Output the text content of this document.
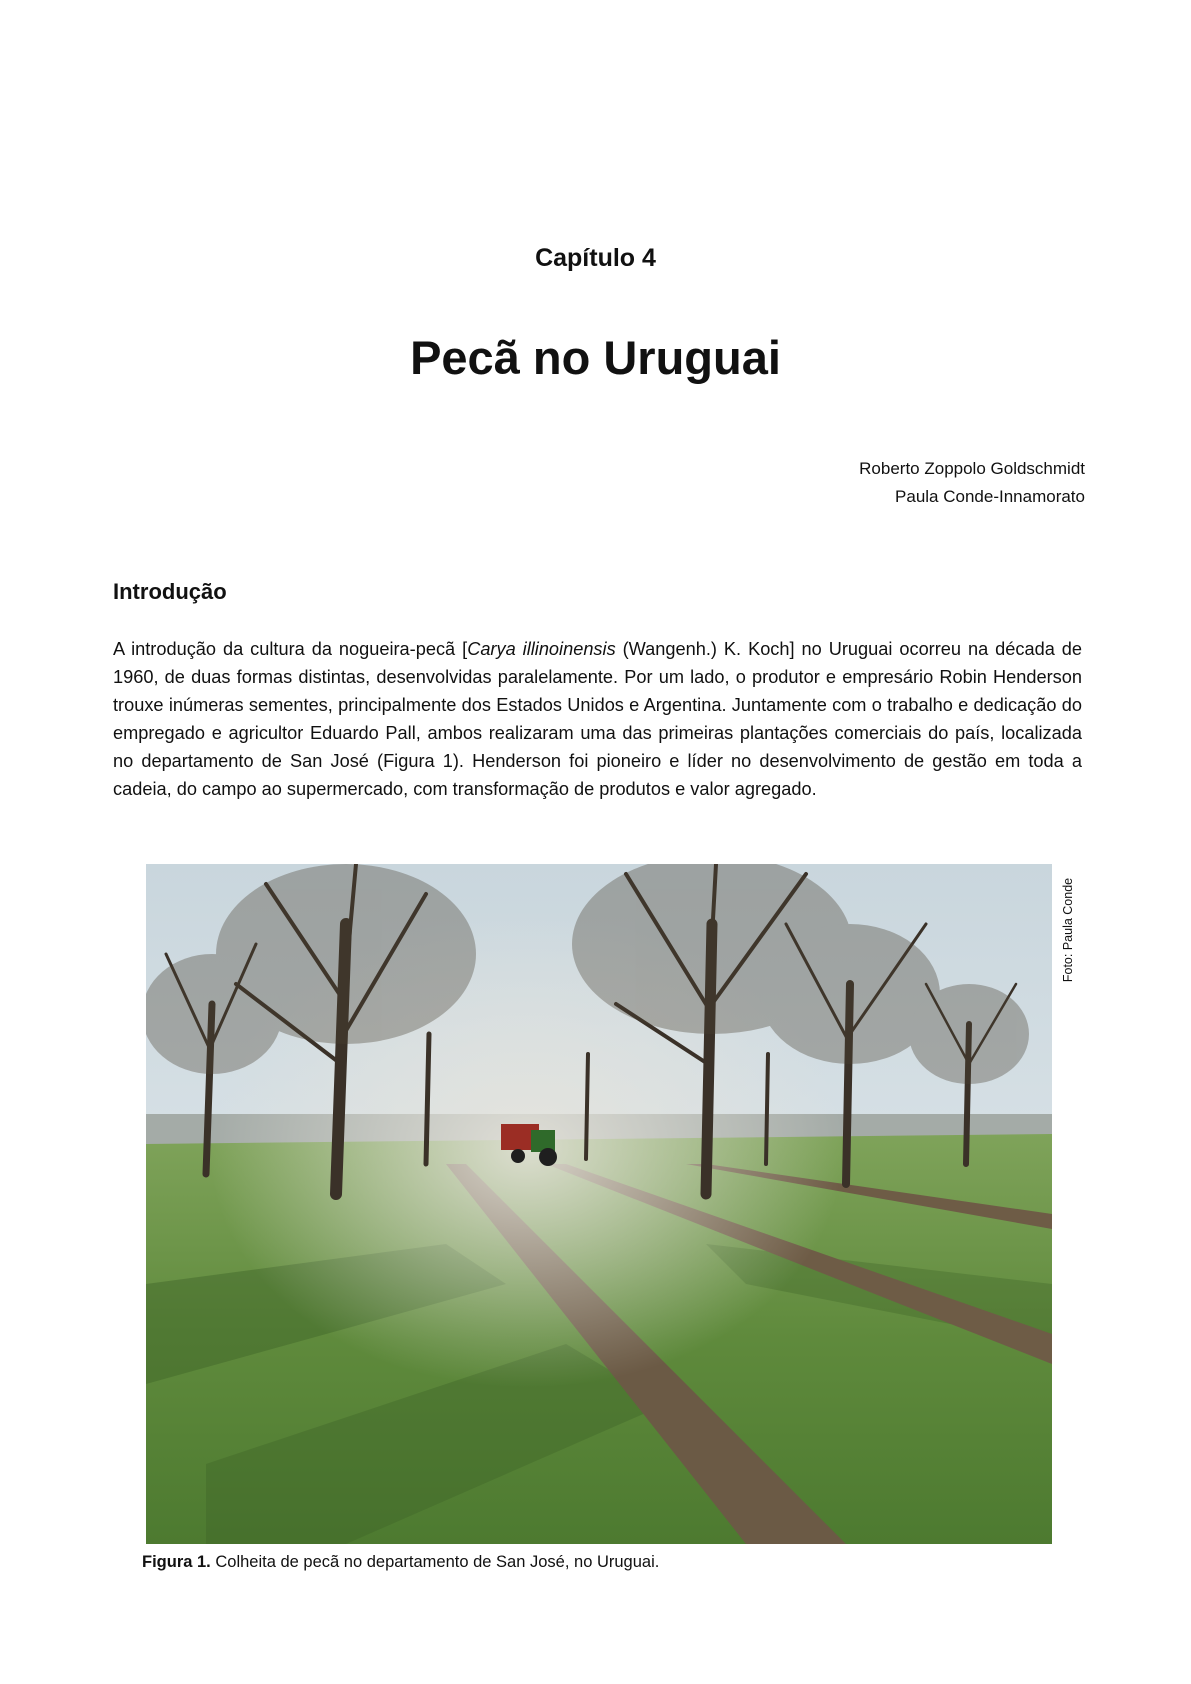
Capítulo 4
Pecã no Uruguai
Roberto Zoppolo Goldschmidt
Paula Conde-Innamorato
Introdução

A introdução da cultura da nogueira-pecã [Carya illinoinensis (Wangenh.) K. Koch] no Uruguai ocorreu na década de 1960, de duas formas distintas, desenvolvidas paralelamente. Por um lado, o produtor e empresário Robin Henderson trouxe inúmeras sementes, principalmente dos Estados Unidos e Argentina. Juntamente com o trabalho e dedicação do empregado e agricultor Eduardo Pall, ambos realizaram uma das primeiras plantações comerciais do país, localizada no departamento de San José (Figura 1). Henderson foi pioneiro e líder no desenvolvimento de gestão em toda a cadeia, do campo ao supermercado, com transformação de produtos e valor agregado.

Foto: Paula Conde
Figura 1. Colheita de pecã no departamento de San José, no Uruguai.
